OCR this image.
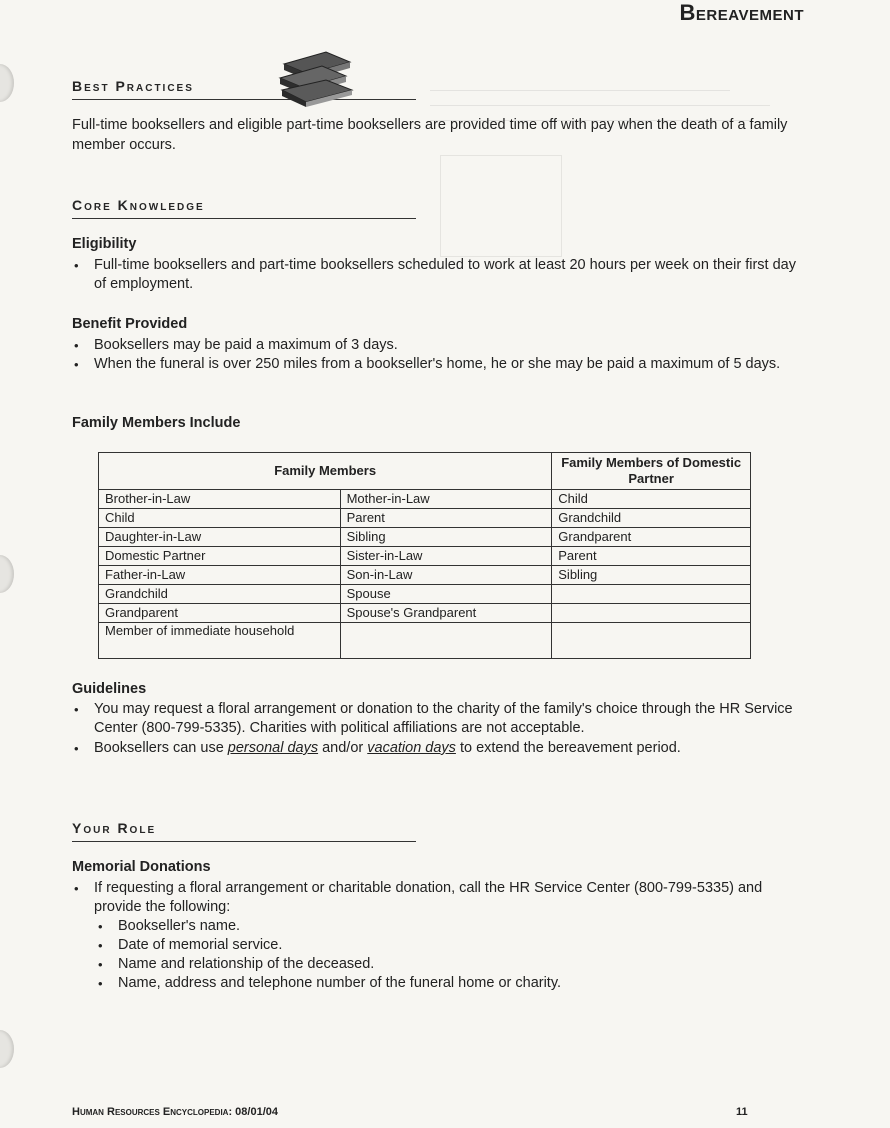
Bereavement
Best Practices
Full-time booksellers and eligible part-time booksellers are provided time off with pay when the death of a family member occurs.
Core Knowledge
Eligibility
• Full-time booksellers and part-time booksellers scheduled to work at least 20 hours per week on their first day of employment.
Benefit Provided
• Booksellers may be paid a maximum of 3 days.
• When the funeral is over 250 miles from a bookseller's home, he or she may be paid a maximum of 5 days.
Family Members Include
Family Members		Family Members of Domestic Partner
Brother-in-Law	Mother-in-Law	Child
Child	Parent	Grandchild
Daughter-in-Law	Sibling	Grandparent
Domestic Partner	Sister-in-Law	Parent
Father-in-Law	Son-in-Law	Sibling
Grandchild	Spouse	
Grandparent	Spouse's Grandparent	
Member of immediate household		
Guidelines
• You may request a floral arrangement or donation to the charity of the family's choice through the HR Service Center (800-799-5335). Charities with political affiliations are not acceptable.
• Booksellers can use personal days and/or vacation days to extend the bereavement period.
Your Role
Memorial Donations
• If requesting a floral arrangement or charitable donation, call the HR Service Center (800-799-5335) and provide the following:
• Bookseller's name.
• Date of memorial service.
• Name and relationship of the deceased.
• Name, address and telephone number of the funeral home or charity.
Human Resources Encyclopedia: 08/01/04	11
